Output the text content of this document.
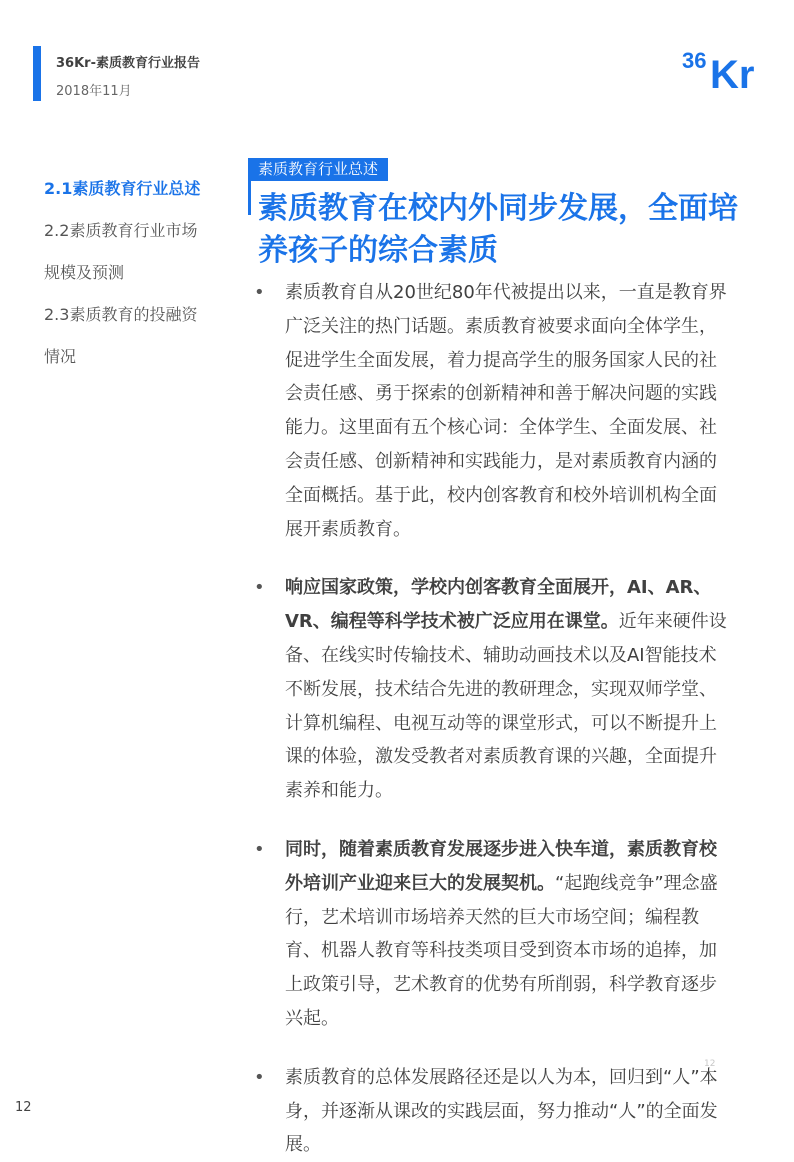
36Kr-素质教育行业报告
2018年11月
36 Kr
2.1素质教育行业总述
2.2素质教育行业市场
规模及预测
2.3素质教育的投融资
情况
素质教育行业总述
素质教育在校内外同步发展，全面培养孩子的综合素质
• 素质教育自从20世纪80年代被提出以来，一直是教育界广泛关注的热门话题。素质教育被要求面向全体学生，促进学生全面发展，着力提高学生的服务国家人民的社会责任感、勇于探索的创新精神和善于解决问题的实践能力。这里面有五个核心词：全体学生、全面发展、社会责任感、创新精神和实践能力，是对素质教育内涵的全面概括。基于此，校内创客教育和校外培训机构全面展开素质教育。
• 响应国家政策，学校内创客教育全面展开，AI、AR、VR、编程等科学技术被广泛应用在课堂。近年来硬件设备、在线实时传输技术、辅助动画技术以及AI智能技术不断发展，技术结合先进的教研理念，实现双师学堂、计算机编程、电视互动等的课堂形式，可以不断提升上课的体验，激发受教者对素质教育课的兴趣，全面提升素养和能力。
• 同时，随着素质教育发展逐步进入快车道，素质教育校外培训产业迎来巨大的发展契机。“起跑线竞争”理念盛行，艺术培训市场培养天然的巨大市场空间；编程教育、机器人教育等科技类项目受到资本市场的追捧，加上政策引导，艺术教育的优势有所削弱，科学教育逐步兴起。
• 素质教育的总体发展路径还是以人为本，回归到“人”本身，并逐渐从课改的实践层面，努力推动“人”的全面发展。
12
12
